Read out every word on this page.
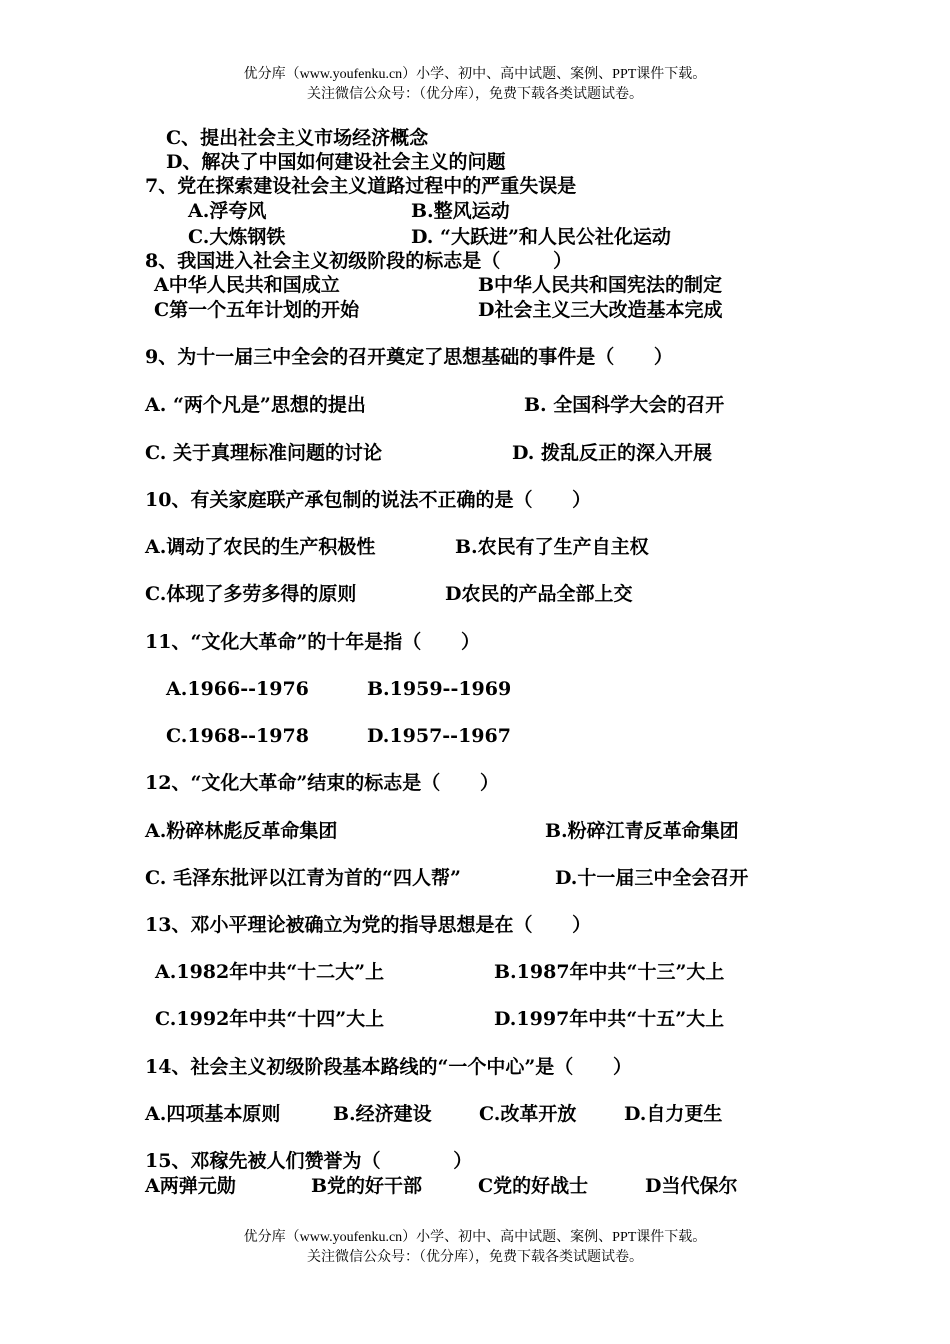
优分库（www.youfenku.cn）小学、初中、高中试题、案例、PPT课件下载。
关注微信公众号：（优分库），免费下载各类试题试卷。
C、提出社会主义市场经济概念
D、解决了中国如何建设社会主义的问题
7、党在探索建设社会主义道路过程中的严重失误是
A.浮夸风	B.整风运动
C.大炼钢铁	D. “大跃进”和人民公社化运动
8、我国进入社会主义初级阶段的标志是（        ）
A中华人民共和国成立	B中华人民共和国宪法的制定
C第一个五年计划的开始	D社会主义三大改造基本完成
9、为十一届三中全会的召开奠定了思想基础的事件是（      ）
A. “两个凡是”思想的提出	B. 全国科学大会的召开
C. 关于真理标准问题的讨论	D. 拨乱反正的深入开展
10、有关家庭联产承包制的说法不正确的是（      ）
A.调动了农民的生产积极性	B.农民有了生产自主权
C.体现了多劳多得的原则	D农民的产品全部上交
11、“文化大革命”的十年是指（      ）
A.1966--1976	B.1959--1969
C.1968--1978	D.1957--1967
12、“文化大革命”结束的标志是（      ）
A.粉碎林彪反革命集团	B.粉碎江青反革命集团
C. 毛泽东批评以江青为首的“四人帮”	D.十一届三中全会召开
13、邓小平理论被确立为党的指导思想是在（      ）
A.1982年中共“十二大”上	B.1987年中共“十三”大上
C.1992年中共“十四”大上	D.1997年中共“十五”大上
14、社会主义初级阶段基本路线的“一个中心”是（      ）
A.四项基本原则	B.经济建设 C.改革开放	D.自力更生
15、邓稼先被人们赞誉为（           ）
A两弹元勋	B党的好干部	C党的好战士	D当代保尔
优分库（www.youfenku.cn）小学、初中、高中试题、案例、PPT课件下载。
关注微信公众号：（优分库），免费下载各类试题试卷。
